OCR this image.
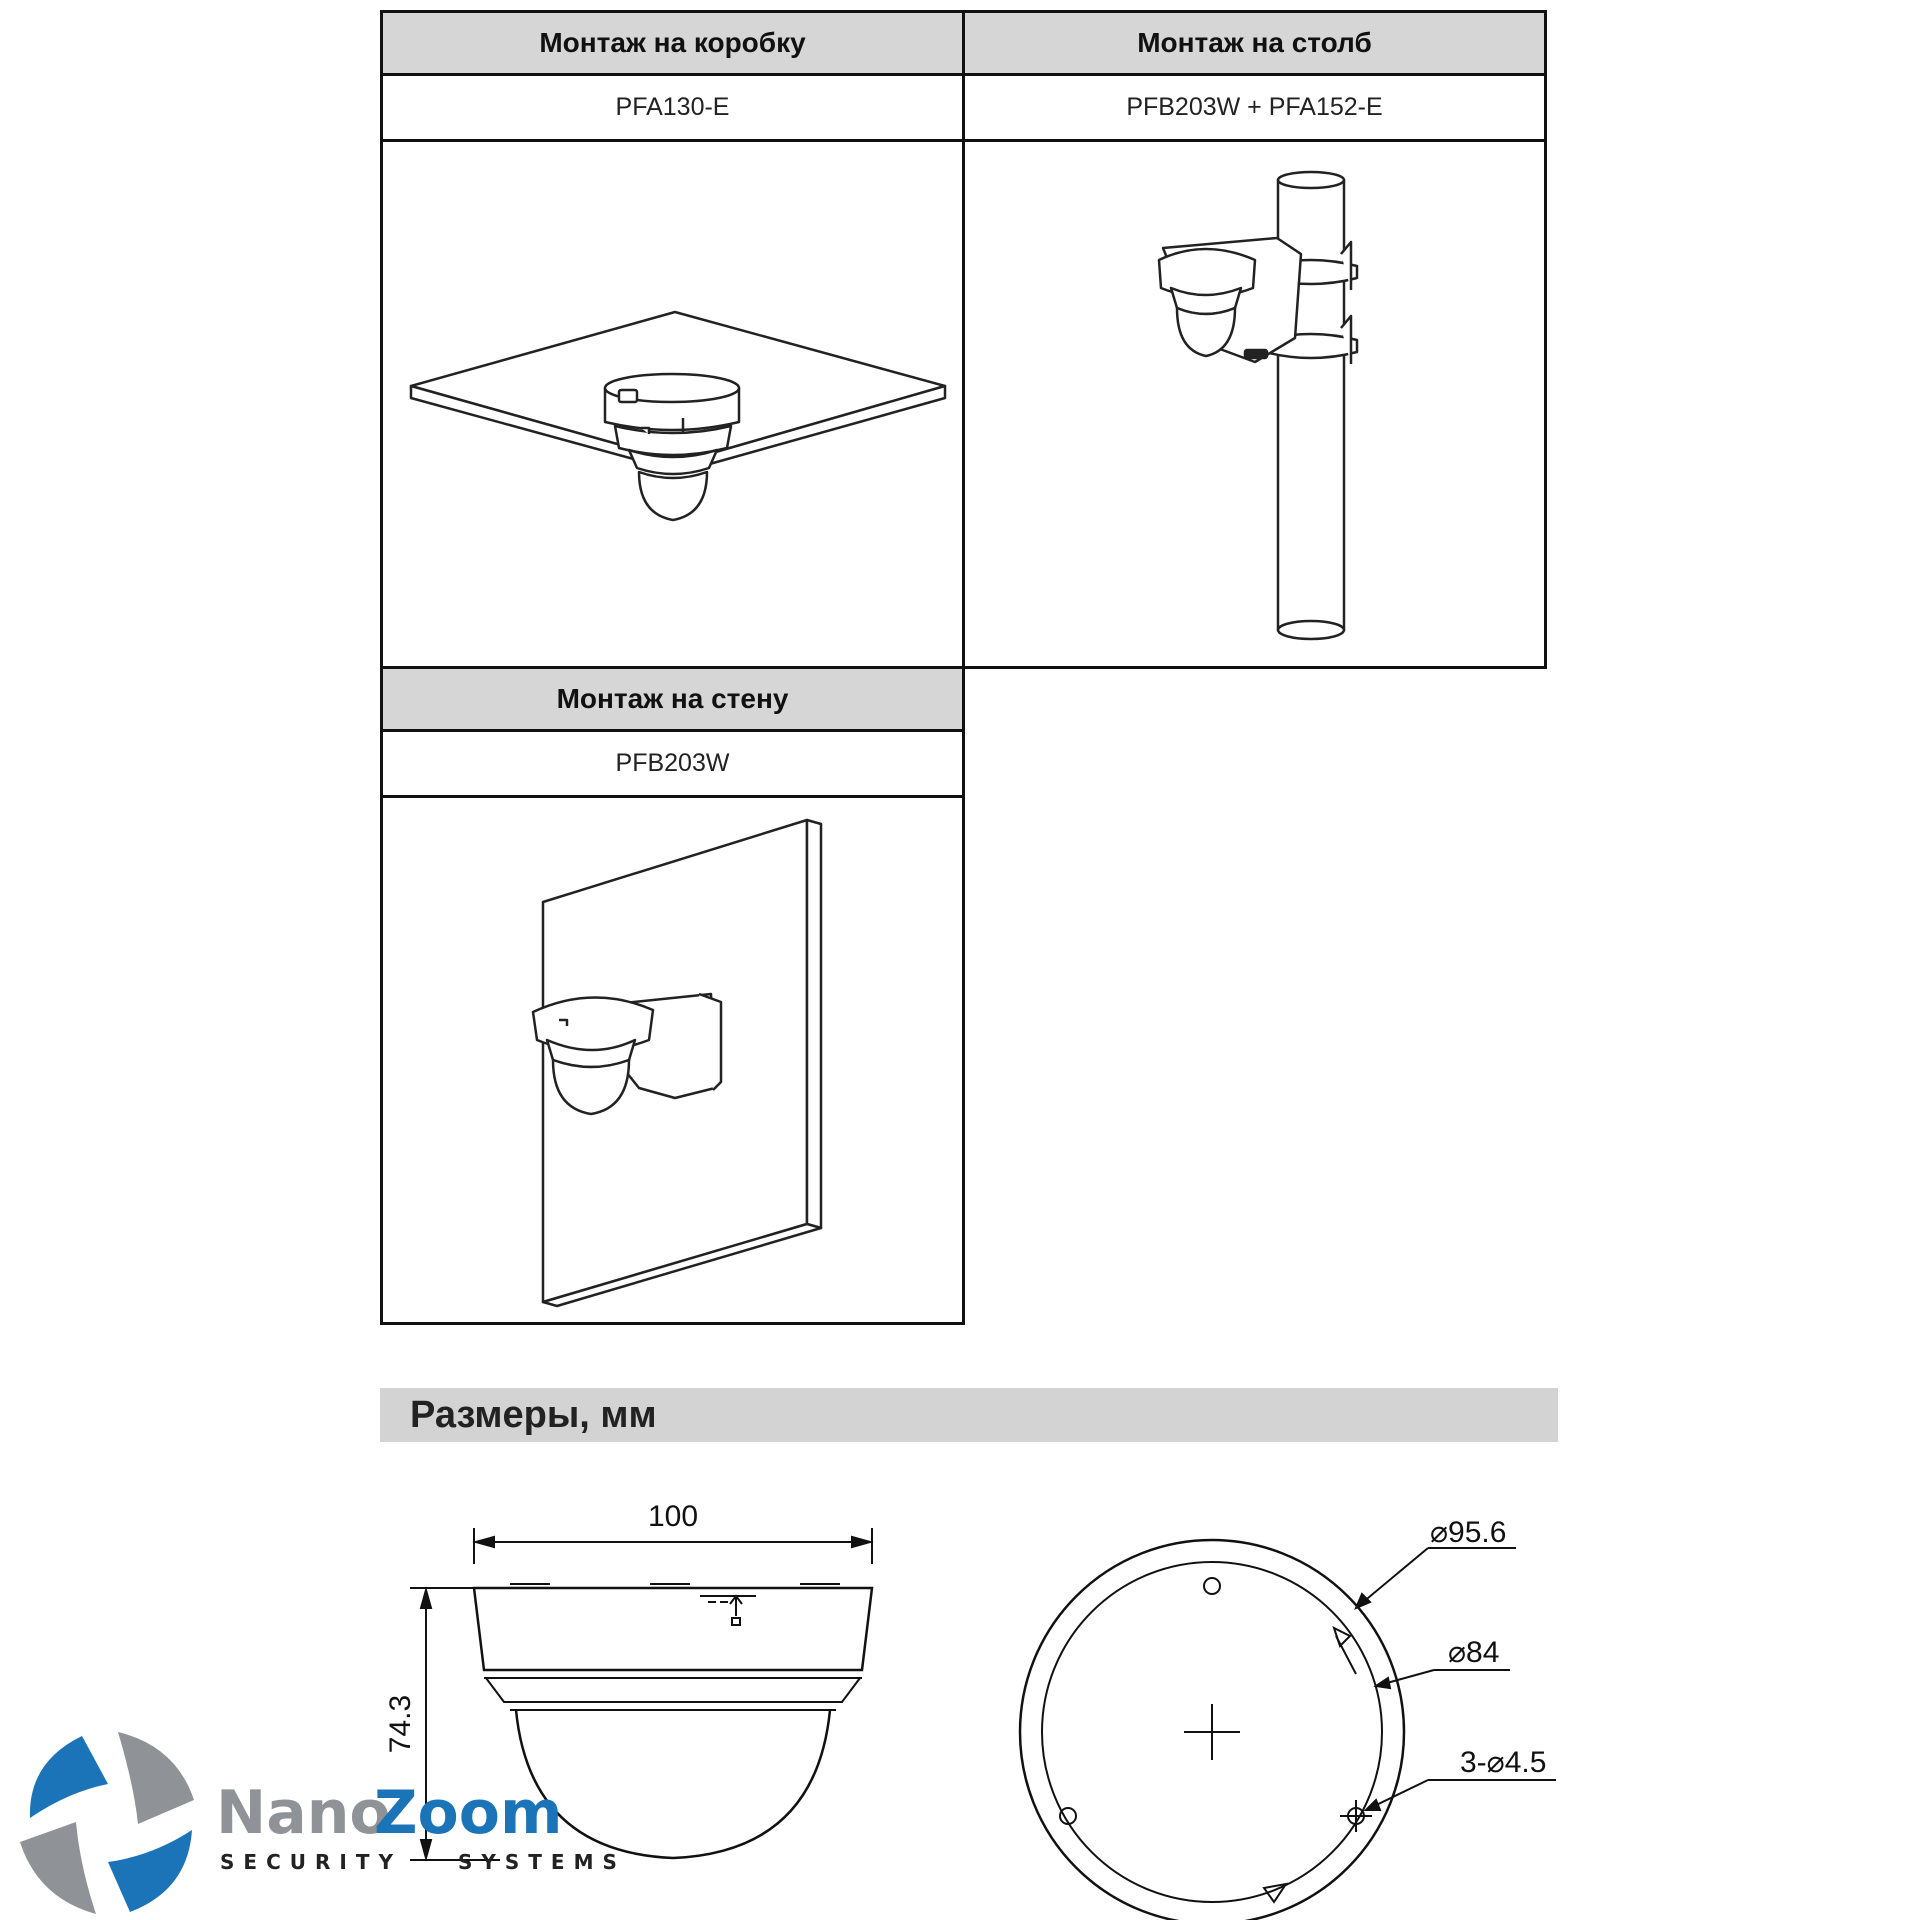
Монтаж на коробку	Монтаж на столб
PFA130-E	PFB203W + PFA152-E
Монтаж на стену
PFB203W
Размеры, мм
100
74.3
⌀95.6
⌀84
3-⌀4.5
Nano
Zoom
SECURITY	SYSTEMS
